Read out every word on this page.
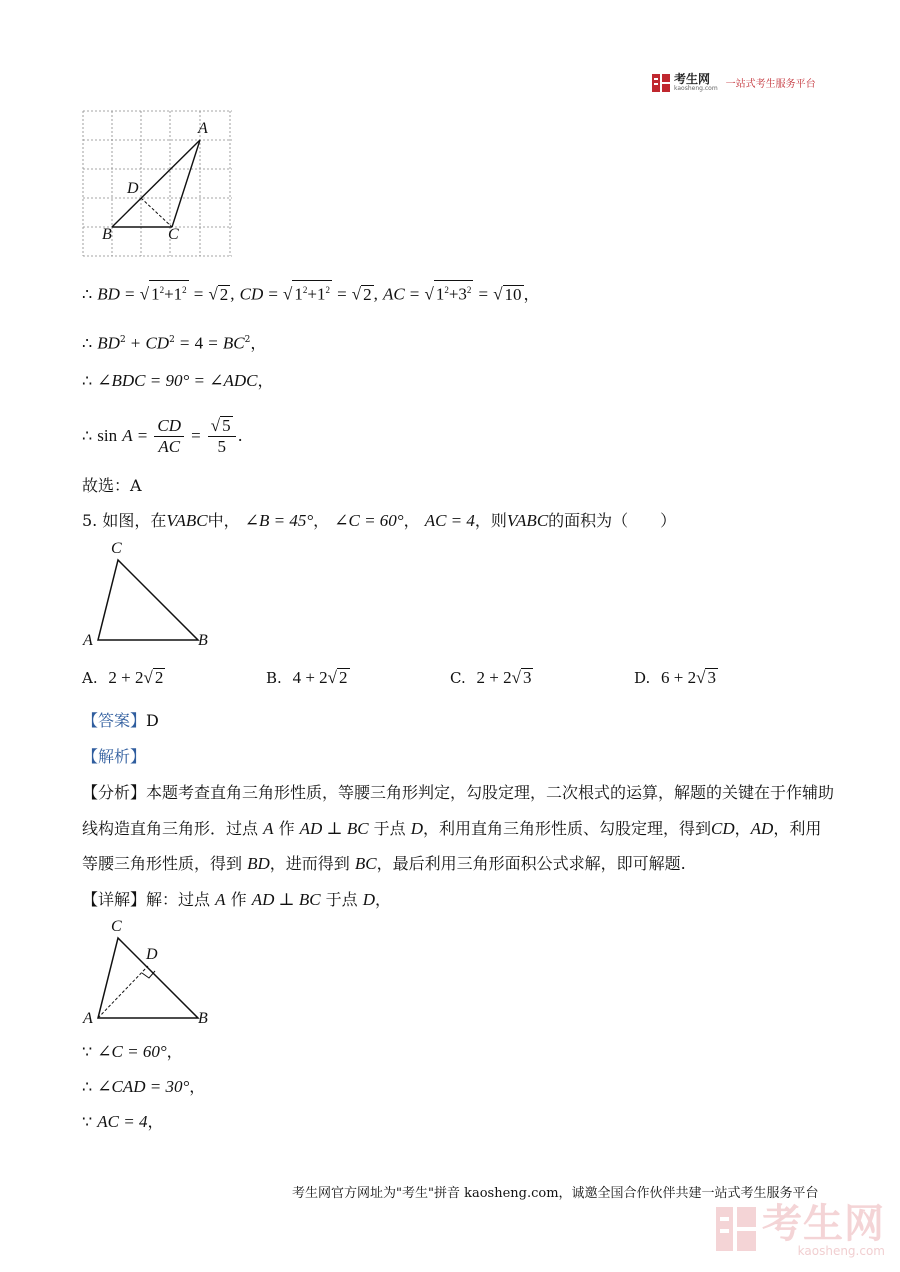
考生网
kaosheng.com 一站式考生服务平台
A
D
B	C
∴ BD = √ $1^2+1^2$ = √ 2 , CD = √ $1^2+1^2$ = √ 2 , AC = √ $1^2+3^2$ = √ 10 ，
∴ $BD^2 + CD^2 = 4 = BC^2$，
∴ ∠BDC = 90° = ∠ADC，
∴ $\sin A = \frac{CD}{AC} = \frac{√ 5}{5}$ .
故选：A
5. 如图，在VABC中， ∠B = 45°， ∠C = 60°， AC = 4，则VABC的面积为（　　）
C
A	B
A. 2 + 2√ 2	B. 4 + 2√ 2	C. 2 + 2√ 3	D. 6 + 2√ 3
【答案】D
【解析】
【分析】本题考查直角三角形性质，等腰三角形判定，勾股定理，二次根式的运算，解题的关键在于作辅助
线构造直角三角形．过点 A 作 AD ⊥ BC 于点 D，利用直角三角形性质、勾股定理，得到CD，AD，利用
等腰三角形性质，得到 BD，进而得到 BC，最后利用三角形面积公式求解，即可解题.
【详解】解：过点 A 作 AD ⊥ BC 于点 D，
C
D
A	B
∵ ∠C = 60°，
∴ ∠CAD = 30°，
∵ AC = 4，
考生网官方网址为"考生"拼音 kaosheng.com，诚邀全国合作伙伴共建一站式考生服务平台
考生网
kaosheng.com
